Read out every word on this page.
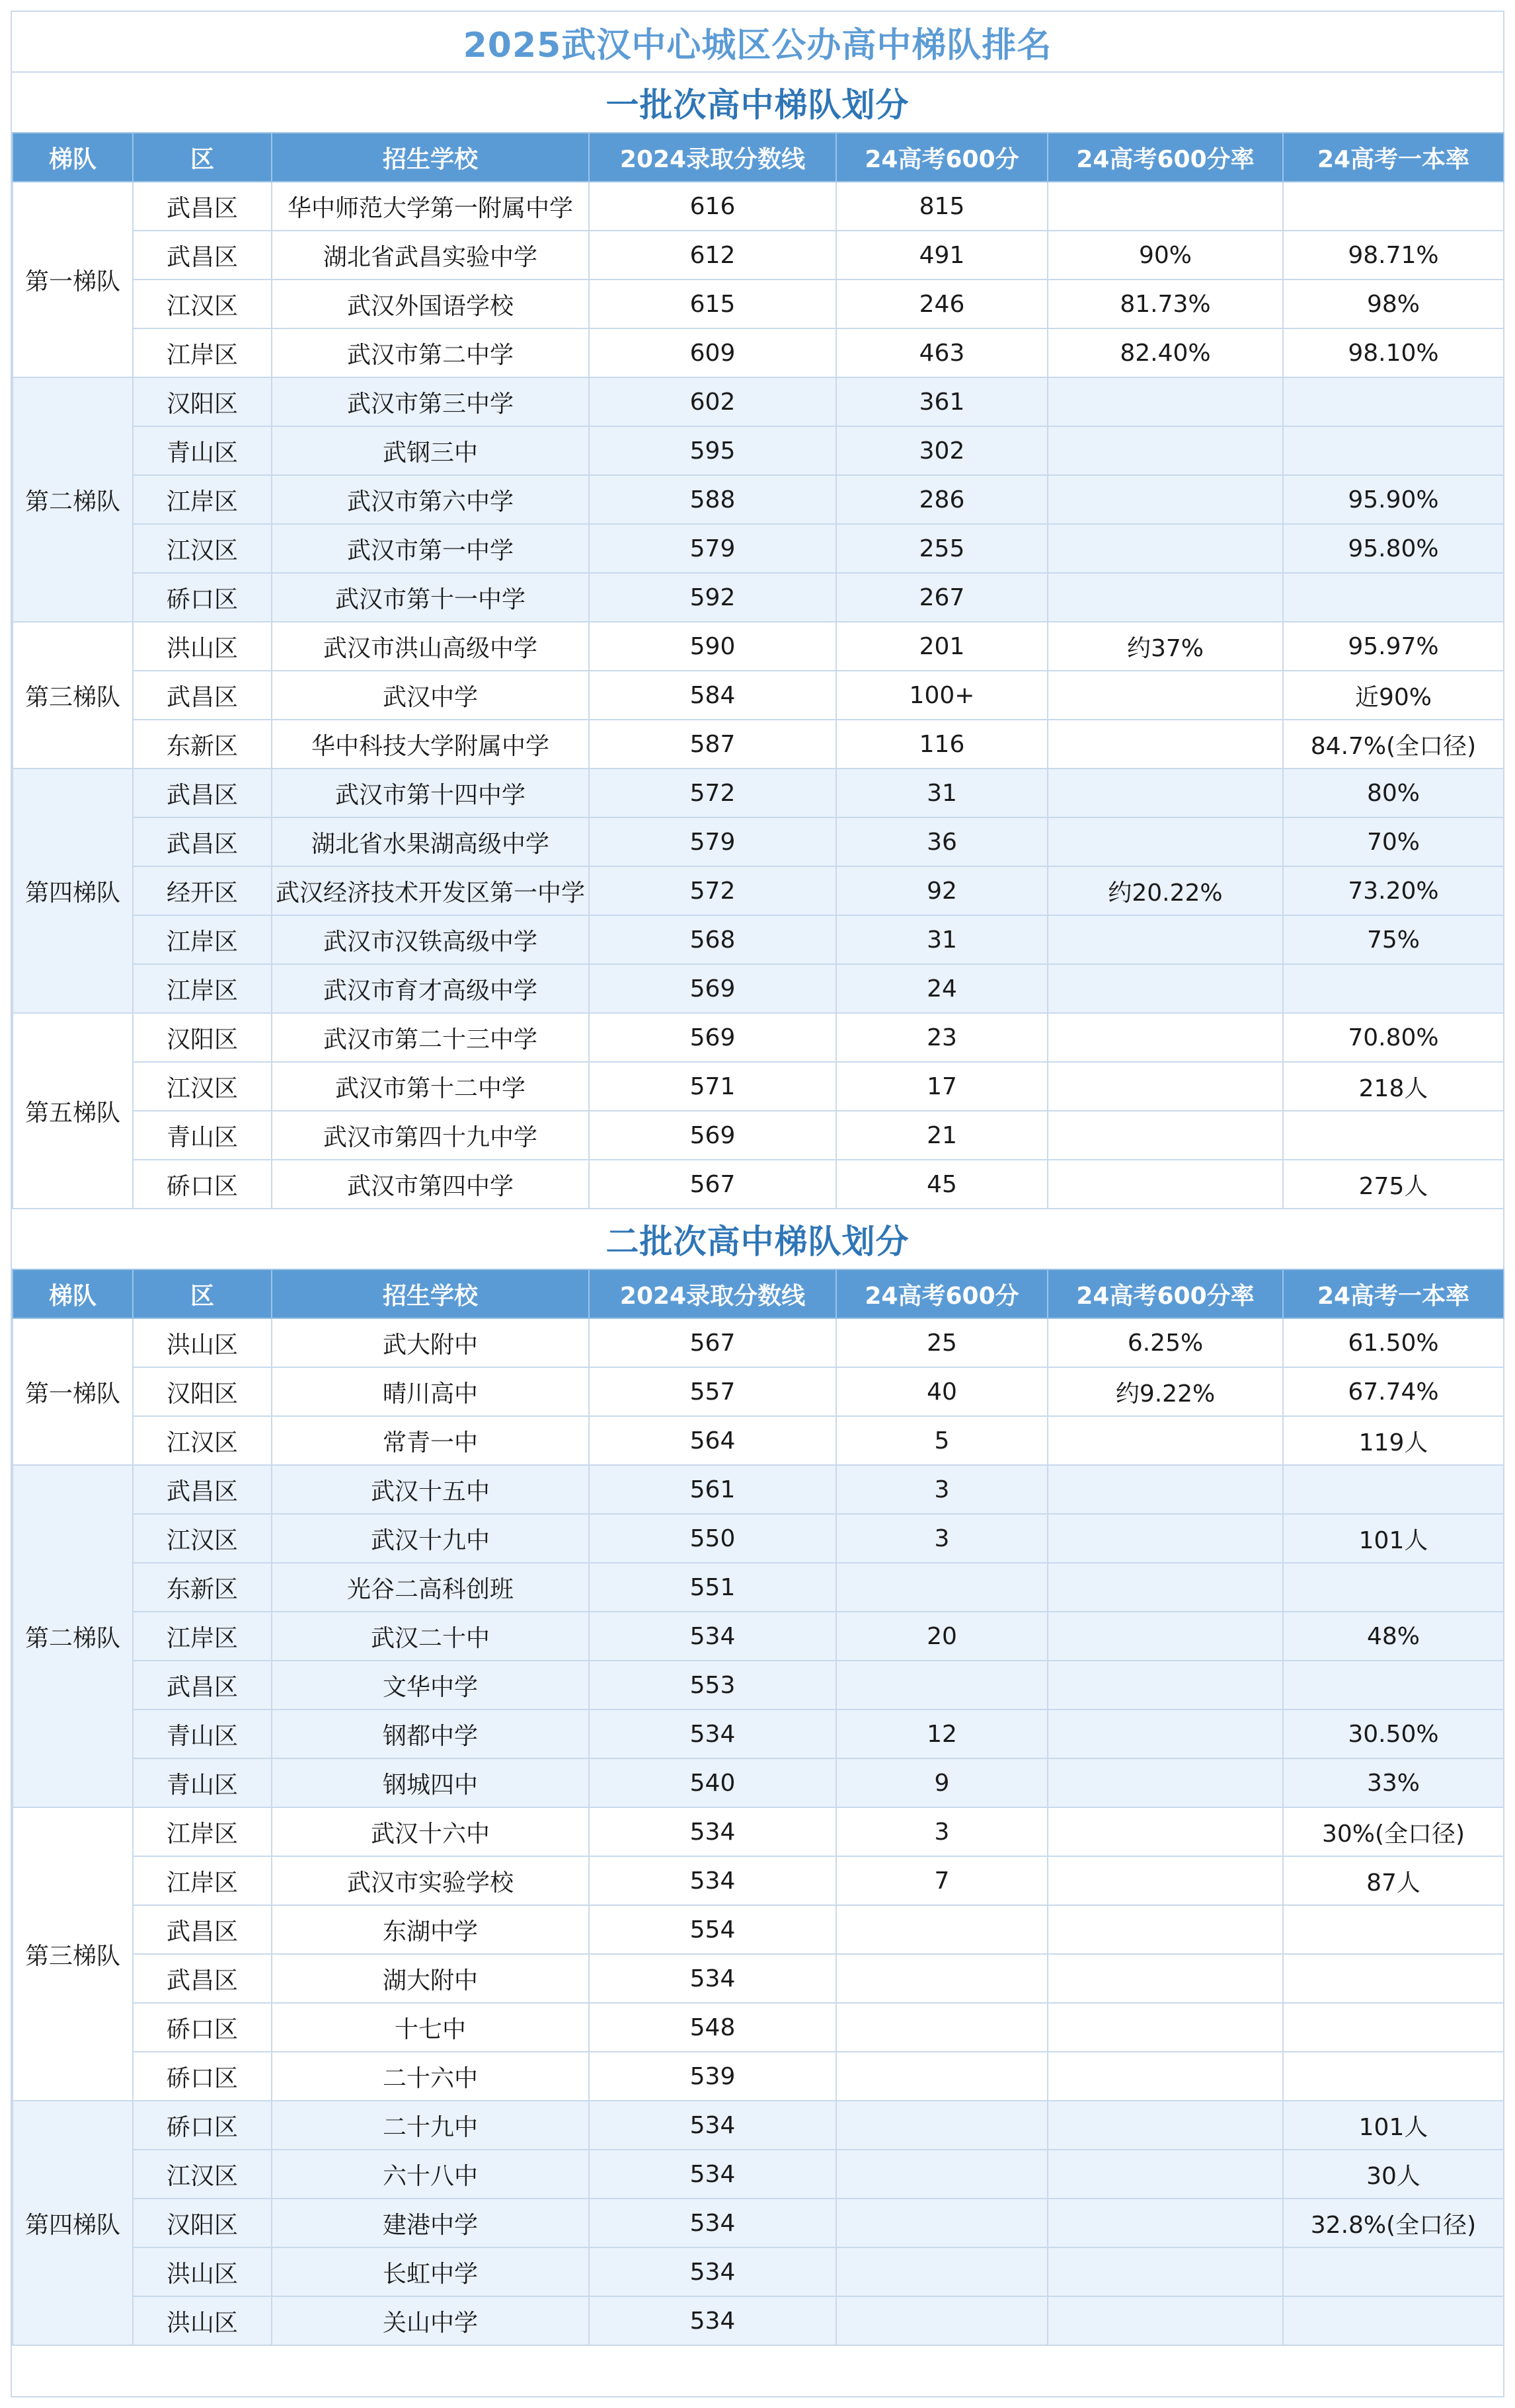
2025武汉中心城区公办高中梯队排名
一批次高中梯队划分
梯队	区	招生学校	2024录取分数线	24高考600分	24高考600分率	24高考一本率
第一梯队	武昌区	华中师范大学第一附属中学	616	815		
	武昌区	湖北省武昌实验中学	612	491	90%	98.71%
	江汉区	武汉外国语学校	615	246	81.73%	98%
	江岸区	武汉市第二中学	609	463	82.40%	98.10%
第二梯队	汉阳区	武汉市第三中学	602	361		
	青山区	武钢三中	595	302		
	江岸区	武汉市第六中学	588	286		95.90%
	江汉区	武汉市第一中学	579	255		95.80%
	硚口区	武汉市第十一中学	592	267		
第三梯队	洪山区	武汉市洪山高级中学	590	201	约37%	95.97%
	武昌区	武汉中学	584	100+		近90%
	东新区	华中科技大学附属中学	587	116		84.7%(全口径)
第四梯队	武昌区	武汉市第十四中学	572	31		80%
	武昌区	湖北省水果湖高级中学	579	36		70%
	经开区	武汉经济技术开发区第一中学	572	92	约20.22%	73.20%
	江岸区	武汉市汉铁高级中学	568	31		75%
	江岸区	武汉市育才高级中学	569	24		
第五梯队	汉阳区	武汉市第二十三中学	569	23		70.80%
	江汉区	武汉市第十二中学	571	17		218人
	青山区	武汉市第四十九中学	569	21		
	硚口区	武汉市第四中学	567	45		275人
二批次高中梯队划分
梯队	区	招生学校	2024录取分数线	24高考600分	24高考600分率	24高考一本率
第一梯队	洪山区	武大附中	567	25	6.25%	61.50%
	汉阳区	晴川高中	557	40	约9.22%	67.74%
	江汉区	常青一中	564	5		119人
第二梯队	武昌区	武汉十五中	561	3		
	江汉区	武汉十九中	550	3		101人
	东新区	光谷二高科创班	551			
	江岸区	武汉二十中	534	20		48%
	武昌区	文华中学	553			
	青山区	钢都中学	534	12		30.50%
	青山区	钢城四中	540	9		33%
第三梯队	江岸区	武汉十六中	534	3		30%(全口径)
	江岸区	武汉市实验学校	534	7		87人
	武昌区	东湖中学	554			
	武昌区	湖大附中	534			
	硚口区	十七中	548			
	硚口区	二十六中	539			
第四梯队	硚口区	二十九中	534			101人
	江汉区	六十八中	534			30人
	汉阳区	建港中学	534			32.8%(全口径)
	洪山区	长虹中学	534			
	洪山区	关山中学	534			
